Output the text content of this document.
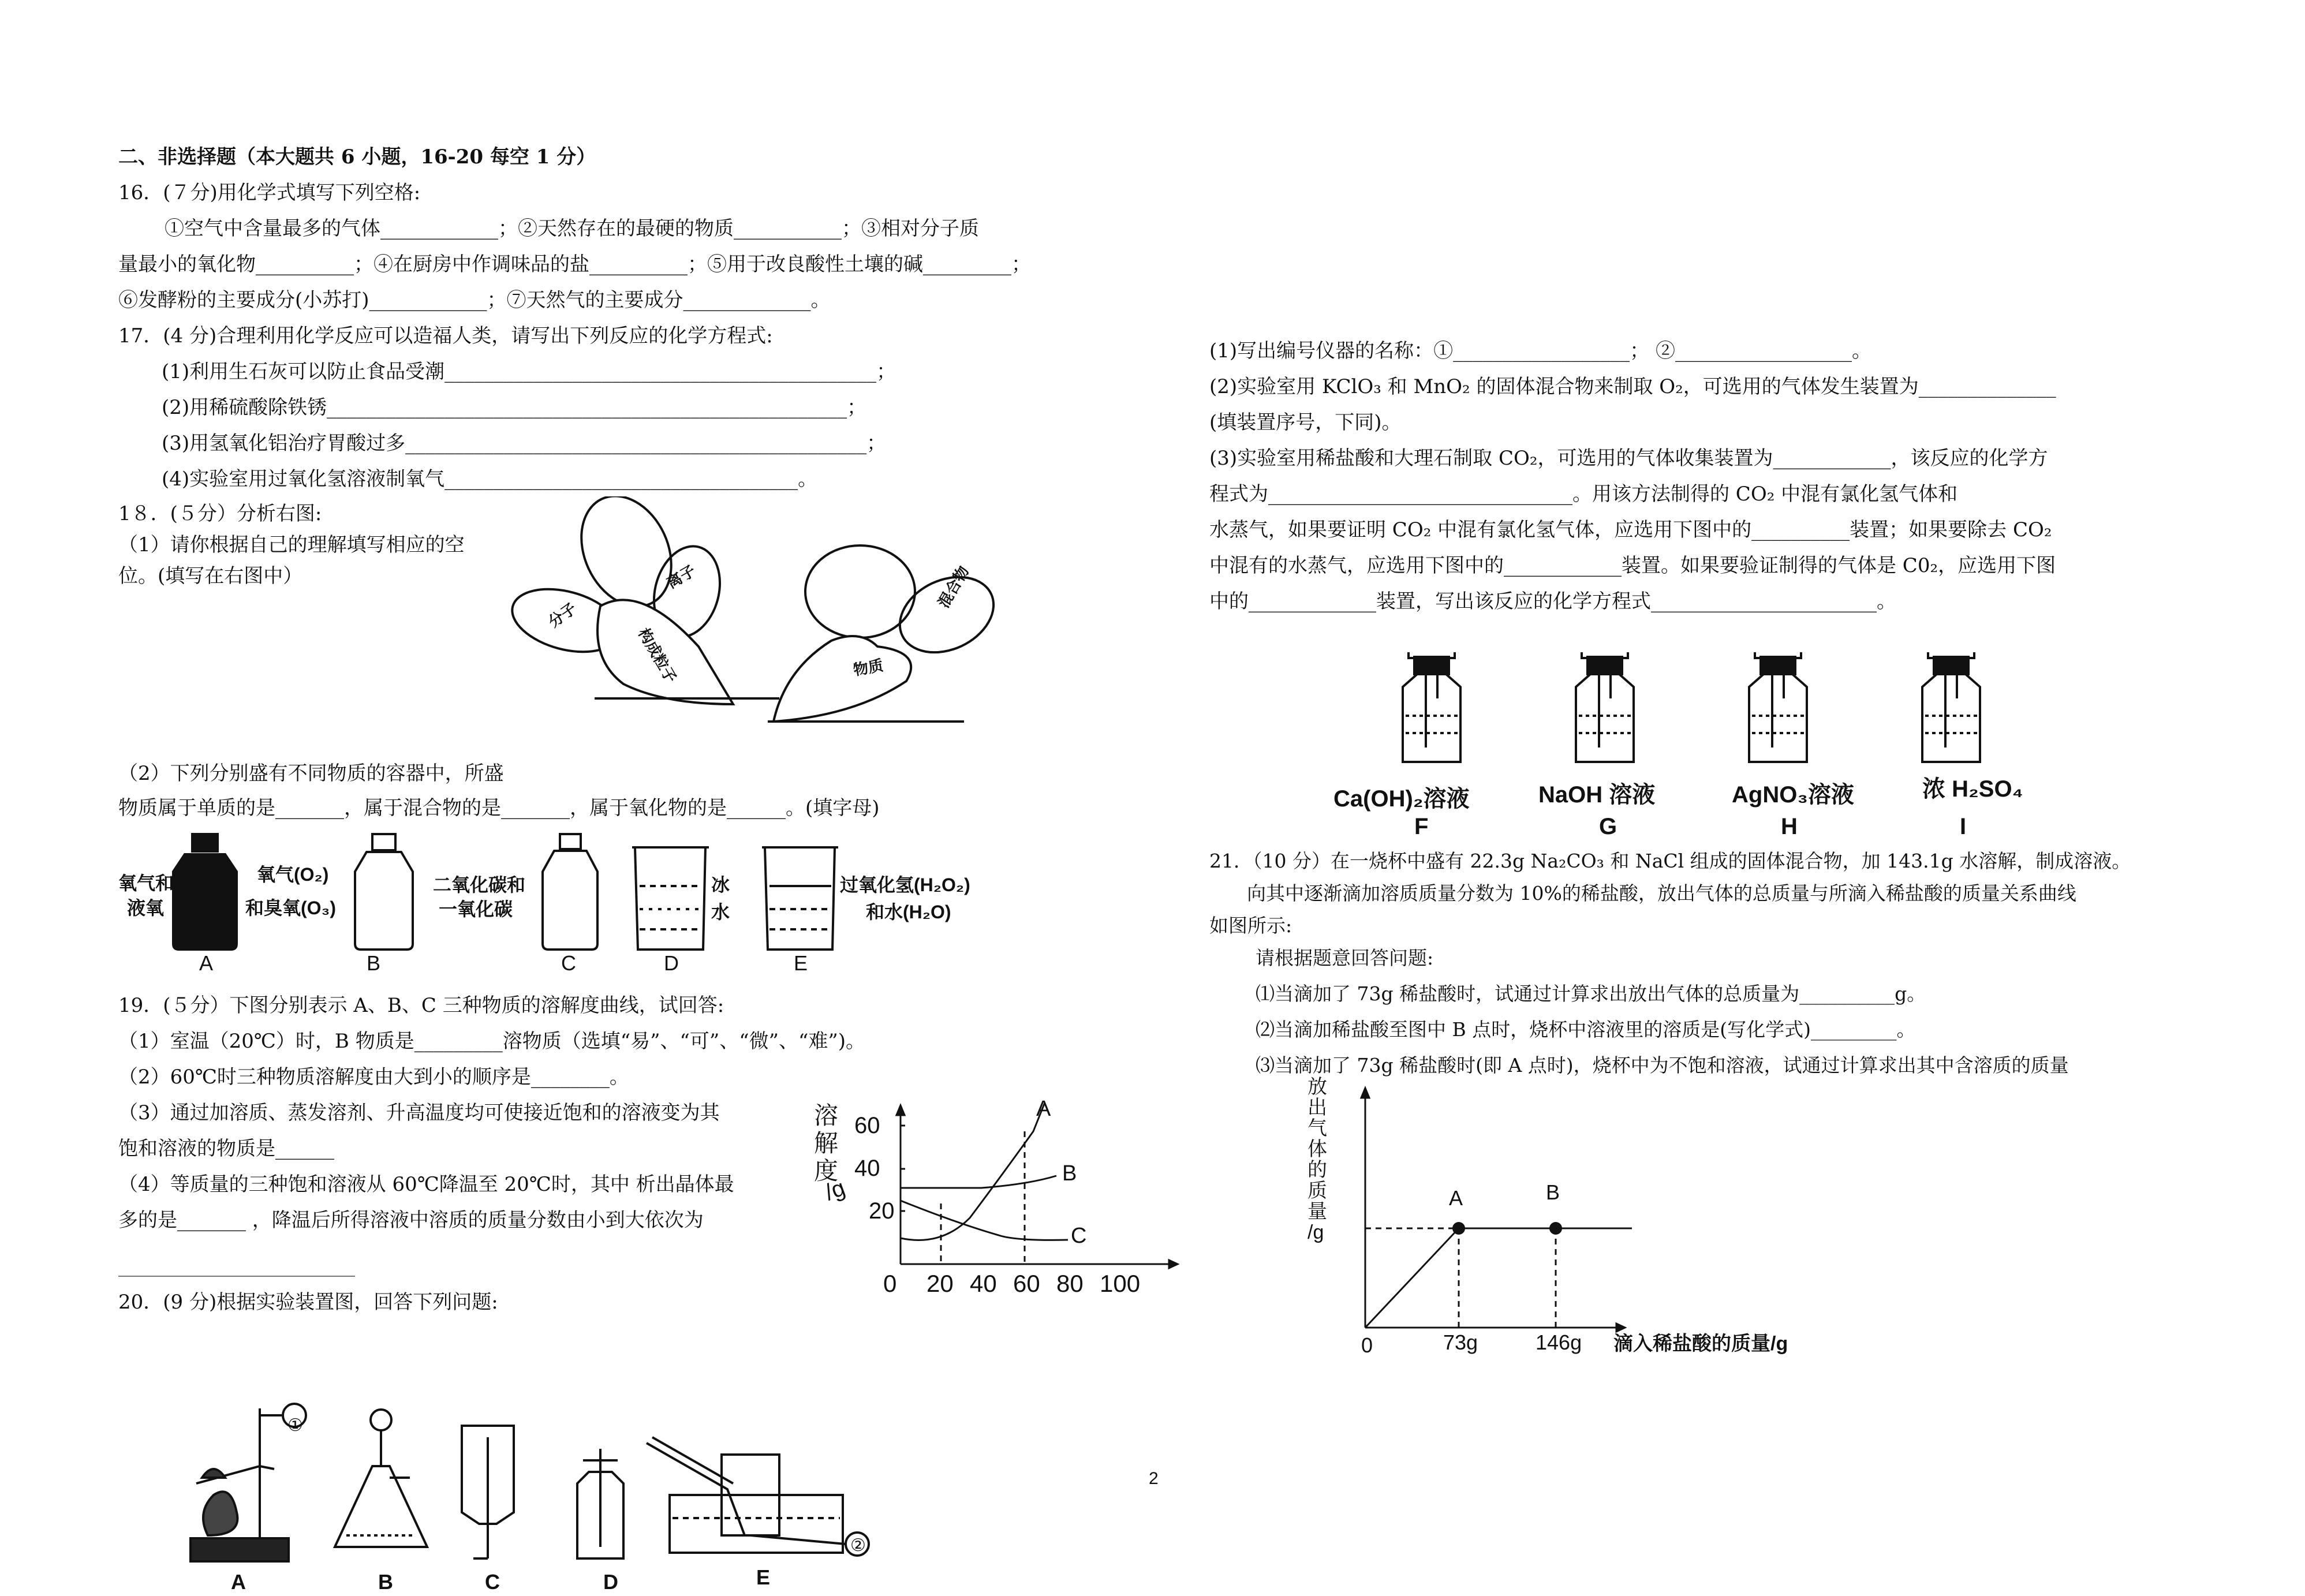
二、非选择题（本大题共 6 小题，16-20 每空 1 分）
16．(７分)用化学式填写下列空格:
①空气中含量最多的气体____________；②天然存在的最硬的物质___________；③相对分子质
量最小的氧化物__________；④在厨房中作调味品的盐__________；⑤用于改良酸性土壤的碱_________；
⑥发酵粉的主要成分(小苏打)____________；⑦天然气的主要成分_____________。
17．(4 分)合理利用化学反应可以造福人类，请写出下列反应的化学方程式:
(1)利用生石灰可以防止食品受潮____________________________________________；
(2)用稀硫酸除铁锈_____________________________________________________；
(3)用氢氧化铝治疗胃酸过多_______________________________________________；
(4)实验室用过氧化氢溶液制氧气____________________________________。
1８．(５分）分析右图:
（1）请你根据自己的理解填写相应的空
位。(填写在右图中）
分子
离子
构成粒子
混合物
物质
（2）下列分别盛有不同物质的容器中，所盛
物质属于单质的是_______，属于混合物的是_______，属于氧化物的是______。(填字母)
氧气和
液氧
A
氧气(O₂)
和臭氧(O₃)
B
二氧化碳和
一氧化碳
C
冰
水
D
过氧化氢(H₂O₂)
和水(H₂O)
E
19．(５分）下图分别表示 A、B、C 三种物质的溶解度曲线，试回答:
（1）室温（20℃）时，B 物质是_________溶物质（选填“易”、“可”、“微”、“难”)。
（2）60℃时三种物质溶解度由大到小的顺序是________。
（3）通过加溶质、蒸发溶剂、升高温度均可使接近饱和的溶液变为其
饱和溶液的物质是______
（4）等质量的三种饱和溶液从 60℃降温至 20℃时，其中 析出晶体最
多的是_______ ，降温后所得溶液中溶质的质量分数由小到大依次为
溶
解
度
/g
60
40
20
0 20 40 60 80 100
A
B
C
20．(9 分)根据实验装置图，回答下列问题:
①
②
A	B	C	D	E
2
(1)写出编号仪器的名称：①__________________； ②__________________。
(2)实验室用 KClO₃ 和 MnO₂ 的固体混合物来制取 O₂，可选用的气体发生装置为______________
(填装置序号，下同)。
(3)实验室用稀盐酸和大理石制取 CO₂，可选用的气体收集装置为____________，该反应的化学方
程式为_______________________________。用该方法制得的 CO₂ 中混有氯化氢气体和
水蒸气，如果要证明 CO₂ 中混有氯化氢气体，应选用下图中的__________装置；如果要除去 CO₂
中混有的水蒸气，应选用下图中的____________装置。如果要验证制得的气体是 C0₂，应选用下图
中的_____________装置，写出该反应的化学方程式_______________________。
Ca(OH)₂溶液	NaOH 溶液	AgNO₃溶液	浓 H₂SO₄
F	G	H	I
21．（10 分）在一烧杯中盛有 22.3g Na₂CO₃ 和 NaCl 组成的固体混合物，加 143.1g 水溶解，制成溶液。
向其中逐渐滴加溶质质量分数为 10%的稀盐酸，放出气体的总质量与所滴入稀盐酸的质量关系曲线
如图所示:
请根据题意回答问题:
⑴当滴加了 73g 稀盐酸时，试通过计算求出放出气体的总质量为__________g。
⑵当滴加稀盐酸至图中 B 点时，烧杯中溶液里的溶质是(写化学式)_________。
⑶当滴加了 73g 稀盐酸时(即 A 点时)，烧杯中为不饱和溶液，试通过计算求出其中含溶质的质量
放
出
气
体
的
质
量
/g
A	B
0	73g	146g 滴入稀盐酸的质量/g
